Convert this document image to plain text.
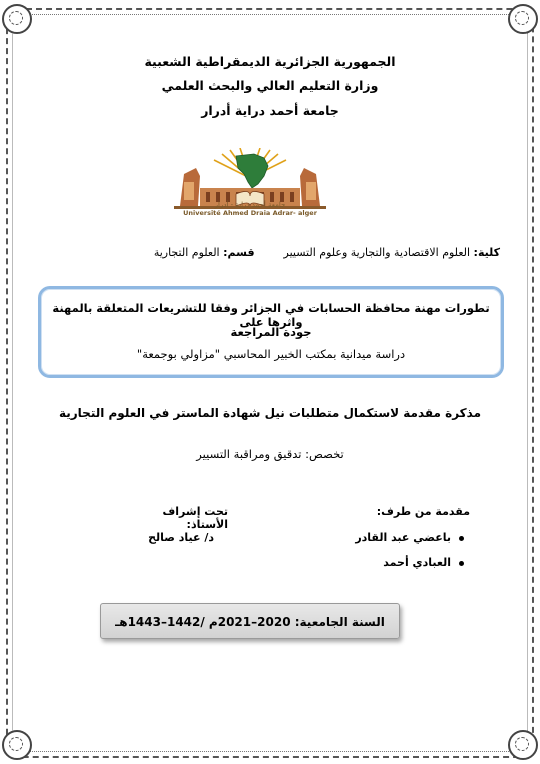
الجمهورية الجزائرية الديمقراطية الشعبية
وزارة التعليم العالي والبحث العلمي
جامعة أحمد دراية أدرار
جامعة أحمد دراية - أدرار
Université Ahmed Draia Adrar- alger
كلية: العلوم الاقتصادية والتجارية وعلوم التسيير  قسم: العلوم التجارية
تطورات مهنة محافظة الحسابات في الجزائر وفقا للتشريعات المتعلقة بالمهنة واثرها على
جودة المراجعة
دراسة ميدانية بمكتب الخبير المحاسبي "مزاولي بوجمعة"
مذكرة مقدمة لاستكمال متطلبات نيل شهادة الماستر في العلوم التجارية
تخصص: تدقيق ومراقبة التسيير
مقدمة من طرف:
تحت إشراف الأستاذ:
باعضي عبد القادر
د/ عياد صالح
العبادي أحمد
السنة الجامعية: 2020–2021م /1442–1443هـ
